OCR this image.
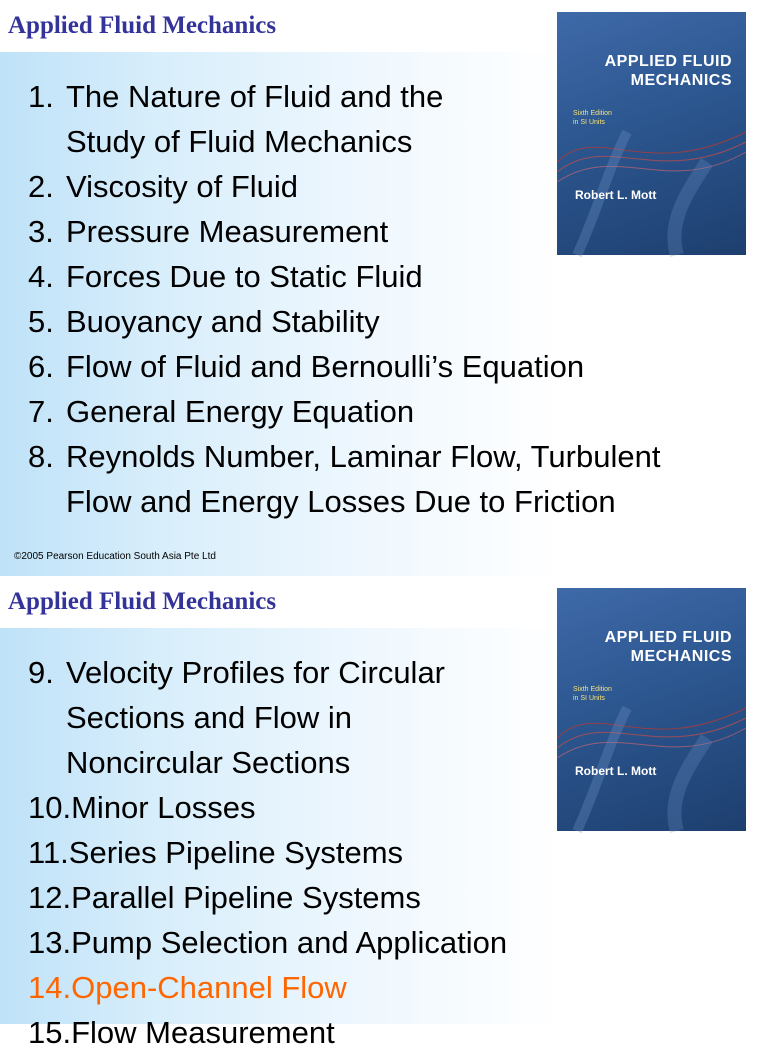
Applied Fluid Mechanics
APPLIED FLUID
MECHANICS
Sixth Edition
in SI Units
Robert L. Mott
1. The Nature of Fluid and the
Study of Fluid Mechanics
2. Viscosity of Fluid
3. Pressure Measurement
4. Forces Due to Static Fluid
5. Buoyancy and Stability
6. Flow of Fluid and Bernoulli’s Equation
7. General Energy Equation
8. Reynolds Number, Laminar Flow, Turbulent
Flow and Energy Losses Due to Friction
©2005 Pearson Education South Asia Pte Ltd
Applied Fluid Mechanics
APPLIED FLUID
MECHANICS
Sixth Edition
in SI Units
Robert L. Mott
9. Velocity Profiles for Circular
Sections and Flow in
Noncircular Sections
10. Minor Losses
11. Series Pipeline Systems
12. Parallel Pipeline Systems
13. Pump Selection and Application
14. Open-Channel Flow
15. Flow Measurement
